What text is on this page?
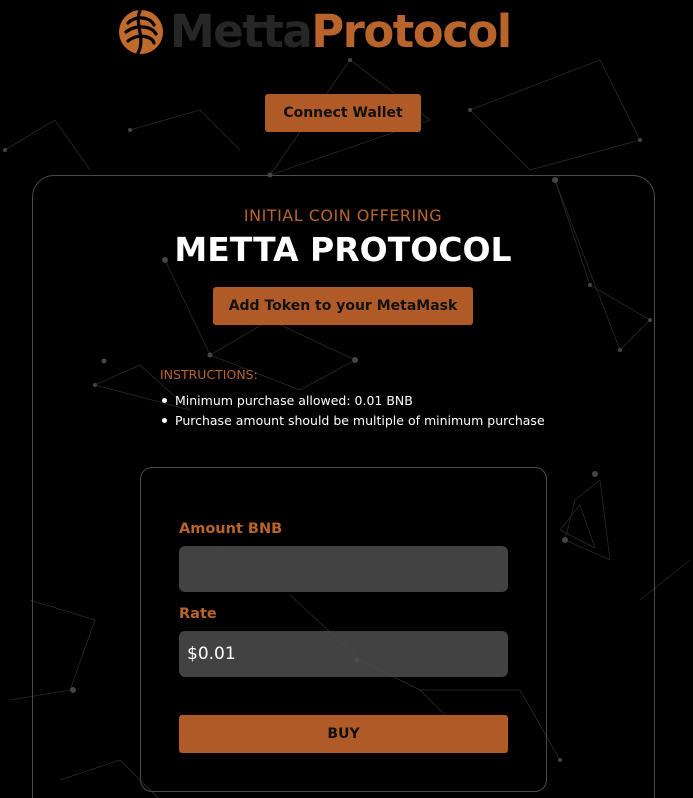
MettaProtocol
Connect Wallet
INITIAL COIN OFFERING
METTA PROTOCOL
Add Token to your MetaMask
INSTRUCTIONS:
Minimum purchase allowed: 0.01 BNB
Purchase amount should be multiple of minimum purchase
Amount BNB
Rate
$0.01
BUY
